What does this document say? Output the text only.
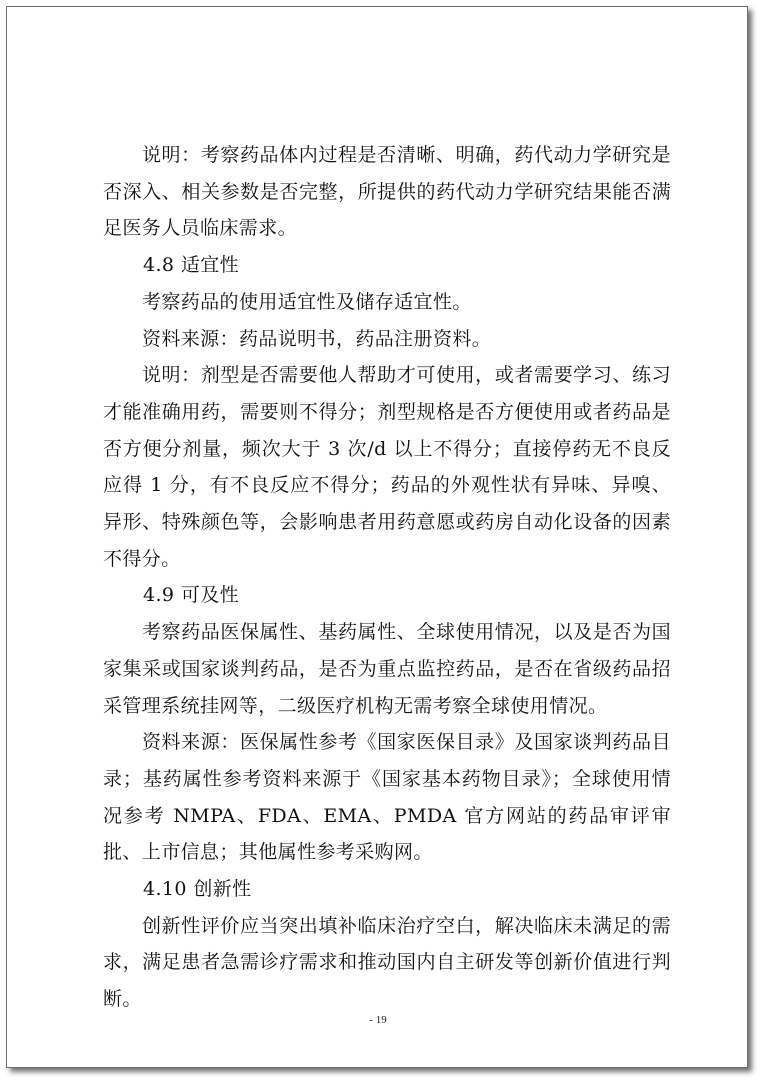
说明：考察药品体内过程是否清晰、明确，药代动力学研究是否深入、相关参数是否完整，所提供的药代动力学研究结果能否满足医务人员临床需求。

4.8 适宜性

考察药品的使用适宜性及储存适宜性。

资料来源：药品说明书，药品注册资料。

说明：剂型是否需要他人帮助才可使用，或者需要学习、练习才能准确用药，需要则不得分；剂型规格是否方便使用或者药品是否方便分剂量，频次大于 3 次/d 以上不得分；直接停药无不良反应得 1 分，有不良反应不得分；药品的外观性状有异味、异嗅、异形、特殊颜色等，会影响患者用药意愿或药房自动化设备的因素不得分。

4.9 可及性

考察药品医保属性、基药属性、全球使用情况，以及是否为国家集采或国家谈判药品，是否为重点监控药品，是否在省级药品招采管理系统挂网等，二级医疗机构无需考察全球使用情况。

资料来源：医保属性参考《国家医保目录》及国家谈判药品目录；基药属性参考资料来源于《国家基本药物目录》；全球使用情况参考 NMPA、FDA、EMA、PMDA 官方网站的药品审评审批、上市信息；其他属性参考采购网。

4.10 创新性

创新性评价应当突出填补临床治疗空白，解决临床未满足的需求，满足患者急需诊疗需求和推动国内自主研发等创新价值进行判断。

- 19
